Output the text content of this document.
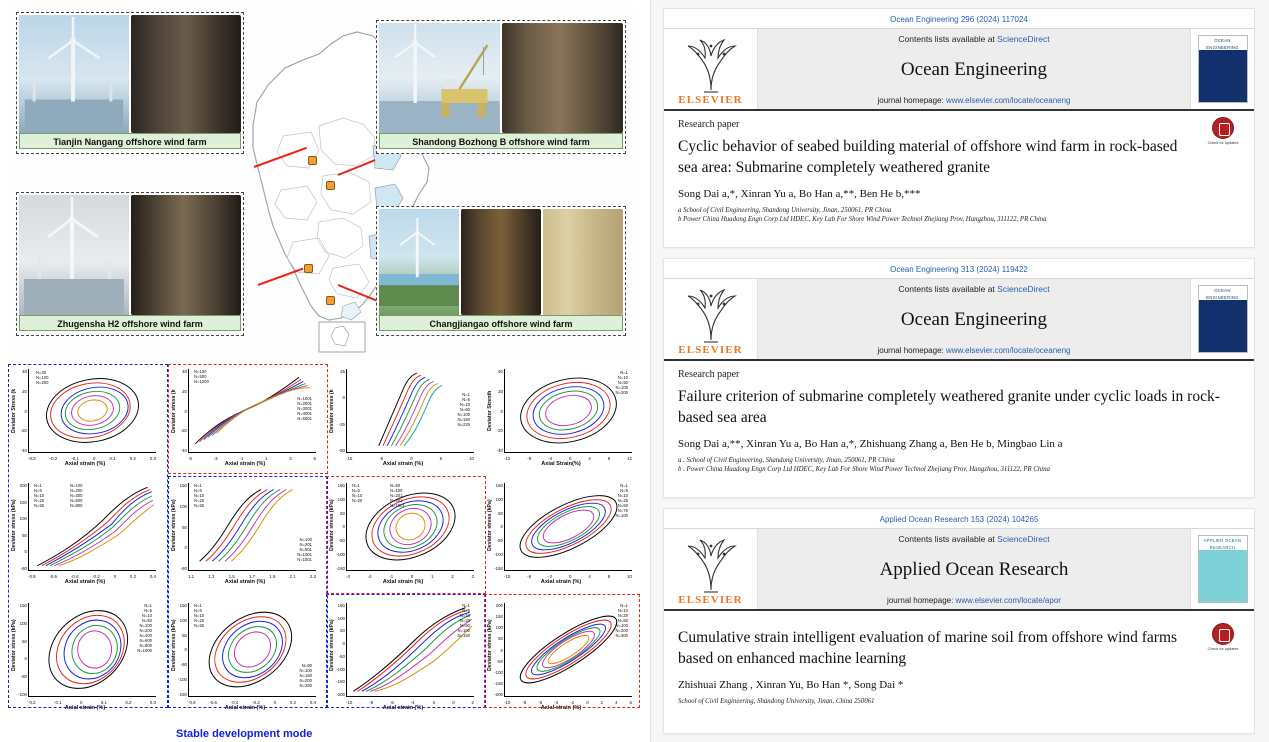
Tianjin Nangang offshore wind farm	Shandong Bozhong B offshore wind farm
Zhugensha H2 offshore wind farm	Changjiangao offshore wind farm
Deviator Stress (k
40
20
0
-20
-40
N=30
N=100
N=200
-0.3	-0.2	-0.1	0	0.1	0.2	0.3
Axial strain (%)
Deviator stress (k
40
20
0
-20
-40
N=100
N=500
N=1000
N=1001
N=2001
N=3001
N=4001
N=5001
-5	-3	-1	1	3	5
Axial strain (%)
Deviator stress (k
25
0
-25
-50
N=1
N=5
N=10
N=50
N=100
N=150
N=225
-10	-5	0	5	10
Axial strain (%)
Deviator Strenth
40
20
0
-20
-40
N=1
N=10
N=50
N=100
N=200
-12	-8	-4	0	4	8	12
Axial Strain(%)
Deviator stress (kPa)
200
150
100
50
0
-50
N=1
N=5
N=10
N=20
N=50
N=100
N=200
N=300
N=500
N=800
-0.8	-0.6	-0.4	-0.2	0	0.2	0.4
Axial strain (%)
Deviator stress (kPa)
150
100
50
0
-50
N=1
N=5
N=10
N=20
N=50
N=100
N=201
N=501
N=1001
N=1501
1.1	1.3	1.5	1.7	1.9	2.1	2.3
Axial strain (%)
Deviator stress (kPa)
150
100
50
0
-50
-100
-150
N=1
N=5
N=10
N=20
N=50
N=100
N=201
N=501
N=1001
-3	-2	-1	0	1	2	3
Axial strain (%)
Deviator stress (kPa)
150
100
50
0
-50
-100
-150
N=1
N=5
N=10
N=25
N=50
N=75
N=100
-10	-6	-2	0	4	8	10
Axial strain (%)
Deviator stress (kPa)
150
100
50
0
-50
-100
N=1
N=5
N=10
N=50
N=100
N=200
N=400
N=600
N=800
N=1000
-0.2	-0.1	0	0.1	0.2	0.3
Axial strain (%)
Deviator stress (kPa)
150
100
50
0
-50
-100
-150
N=1
N=5
N=10
N=20
N=50
N=80
N=100
N=150
N=200
N=250
-0.8	-0.6	-0.4	-0.2	0	0.2	0.4
Axial strain (%)
Deviator stress (kPa)
150
100
50
0
-50
-100
-150
-200
N=1
N=5
N=10
N=20
N=50
N=100
N=150
-10	-8	-6	-4	-2	0	2
Axial strain (%)
Deviator stress (kPa)
200
150
100
50
0
-50
-100
-150
-200
N=1
N=10
N=20
N=50
N=100
N=200
N=300
-10	-8	-6	-4	-2	0	2	4	6
Axial strain (%)
Stable development mode
Ocean Engineering 296 (2024) 117024
ELSEVIER
Contents lists available at ScienceDirect
Ocean Engineering
journal homepage: www.elsevier.com/locate/oceaneng
OCEAN ENGINEERING
Check for updates
Research paper
Cyclic behavior of seabed building material of offshore wind farm in rock-based sea area: Submarine completely weathered granite
Song Dai a,*, Xinran Yu a, Bo Han a,**, Ben He b,***
a School of Civil Engineering, Shandong University, Jinan, 250061, PR China
b Power China Huadong Engn Corp Ltd HDEC, Key Lab For Shore Wind Power Technol Zhejiang Prov, Hangzhou, 311122, PR China
Ocean Engineering 313 (2024) 119422
ELSEVIER
Contents lists available at ScienceDirect
Ocean Engineering
journal homepage: www.elsevier.com/locate/oceaneng
OCEAN ENGINEERING
Research paper
Failure criterion of submarine completely weathered granite under cyclic loads in rock-based sea area
Song Dai a,**, Xinran Yu a, Bo Han a,*, Zhishuang Zhang a, Ben He b, Mingbao Lin a
a . School of Civil Engineering, Shandong University, Jinan, 250061, PR China
b . Power China Huadong Engn Corp Ltd HDEC, Key Lab For Shore Wind Power Technol Zhejiang Prov, Hangzhou, 311122, PR China
Applied Ocean Research 153 (2024) 104265
ELSEVIER
Contents lists available at ScienceDirect
Applied Ocean Research
journal homepage: www.elsevier.com/locate/apor
APPLIED OCEAN RESEARCH
Check for updates
Cumulative strain intelligent evaluation of marine soil from offshore wind farms based on enhanced machine learning
Zhishuai Zhang , Xinran Yu, Bo Han *, Song Dai *
School of Civil Engineering, Shandong University, Jinan, China 250061
